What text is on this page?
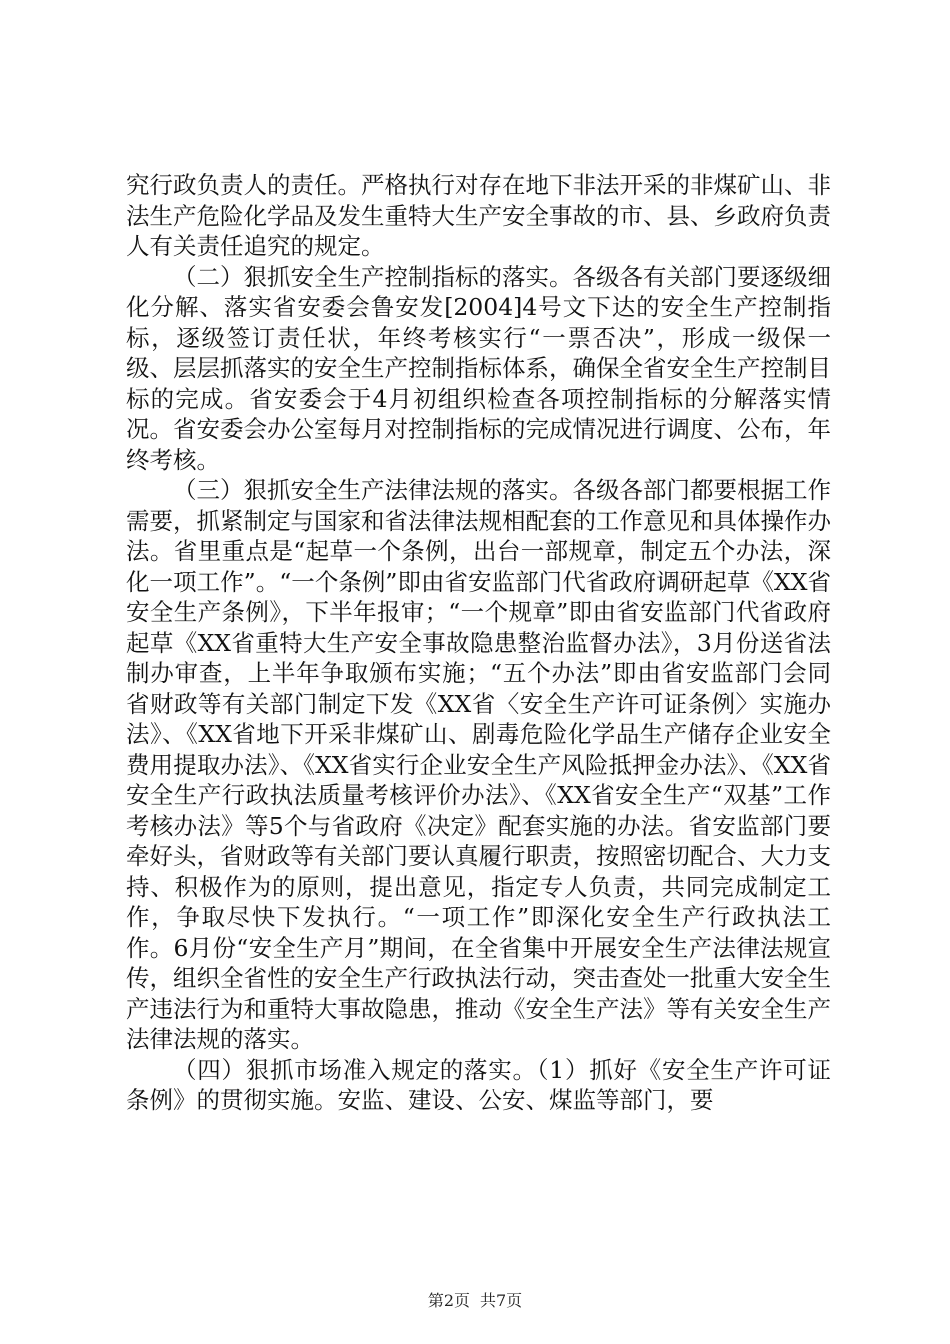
究行政负责人的责任。严格执行对存在地下非法开采的非煤矿山、非法生产危险化学品及发生重特大生产安全事故的市、县、乡政府负责人有关责任追究的规定。

（二）狠抓安全生产控制指标的落实。各级各有关部门要逐级细化分解、落实省安委会鲁安发[2004]4号文下达的安全生产控制指标，逐级签订责任状，年终考核实行“一票否决”，形成一级保一级、层层抓落实的安全生产控制指标体系，确保全省安全生产控制目标的完成。省安委会于4月初组织检查各项控制指标的分解落实情况。省安委会办公室每月对控制指标的完成情况进行调度、公布，年终考核。

（三）狠抓安全生产法律法规的落实。各级各部门都要根据工作需要，抓紧制定与国家和省法律法规相配套的工作意见和具体操作办法。省里重点是“起草一个条例，出台一部规章，制定五个办法，深化一项工作”。“一个条例”即由省安监部门代省政府调研起草《XX省安全生产条例》，下半年报审；“一个规章”即由省安监部门代省政府起草《XX省重特大生产安全事故隐患整治监督办法》，3月份送省法制办审查，上半年争取颁布实施；“五个办法”即由省安监部门会同省财政等有关部门制定下发《XX省〈安全生产许可证条例〉实施办法》、《XX省地下开采非煤矿山、剧毒危险化学品生产储存企业安全费用提取办法》、《XX省实行企业安全生产风险抵押金办法》、《XX省安全生产行政执法质量考核评价办法》、《XX省安全生产“双基”工作考核办法》等5个与省政府《决定》配套实施的办法。省安监部门要牵好头，省财政等有关部门要认真履行职责，按照密切配合、大力支持、积极作为的原则，提出意见，指定专人负责，共同完成制定工作，争取尽快下发执行。“一项工作”即深化安全生产行政执法工作。6月份“安全生产月”期间，在全省集中开展安全生产法律法规宣传，组织全省性的安全生产行政执法行动，突击查处一批重大安全生产违法行为和重特大事故隐患，推动《安全生产法》等有关安全生产法律法规的落实。

（四）狠抓市场准入规定的落实。（1）抓好《安全生产许可证条例》的贯彻实施。安监、建设、公安、煤监等部门，要

第2页 共7页
